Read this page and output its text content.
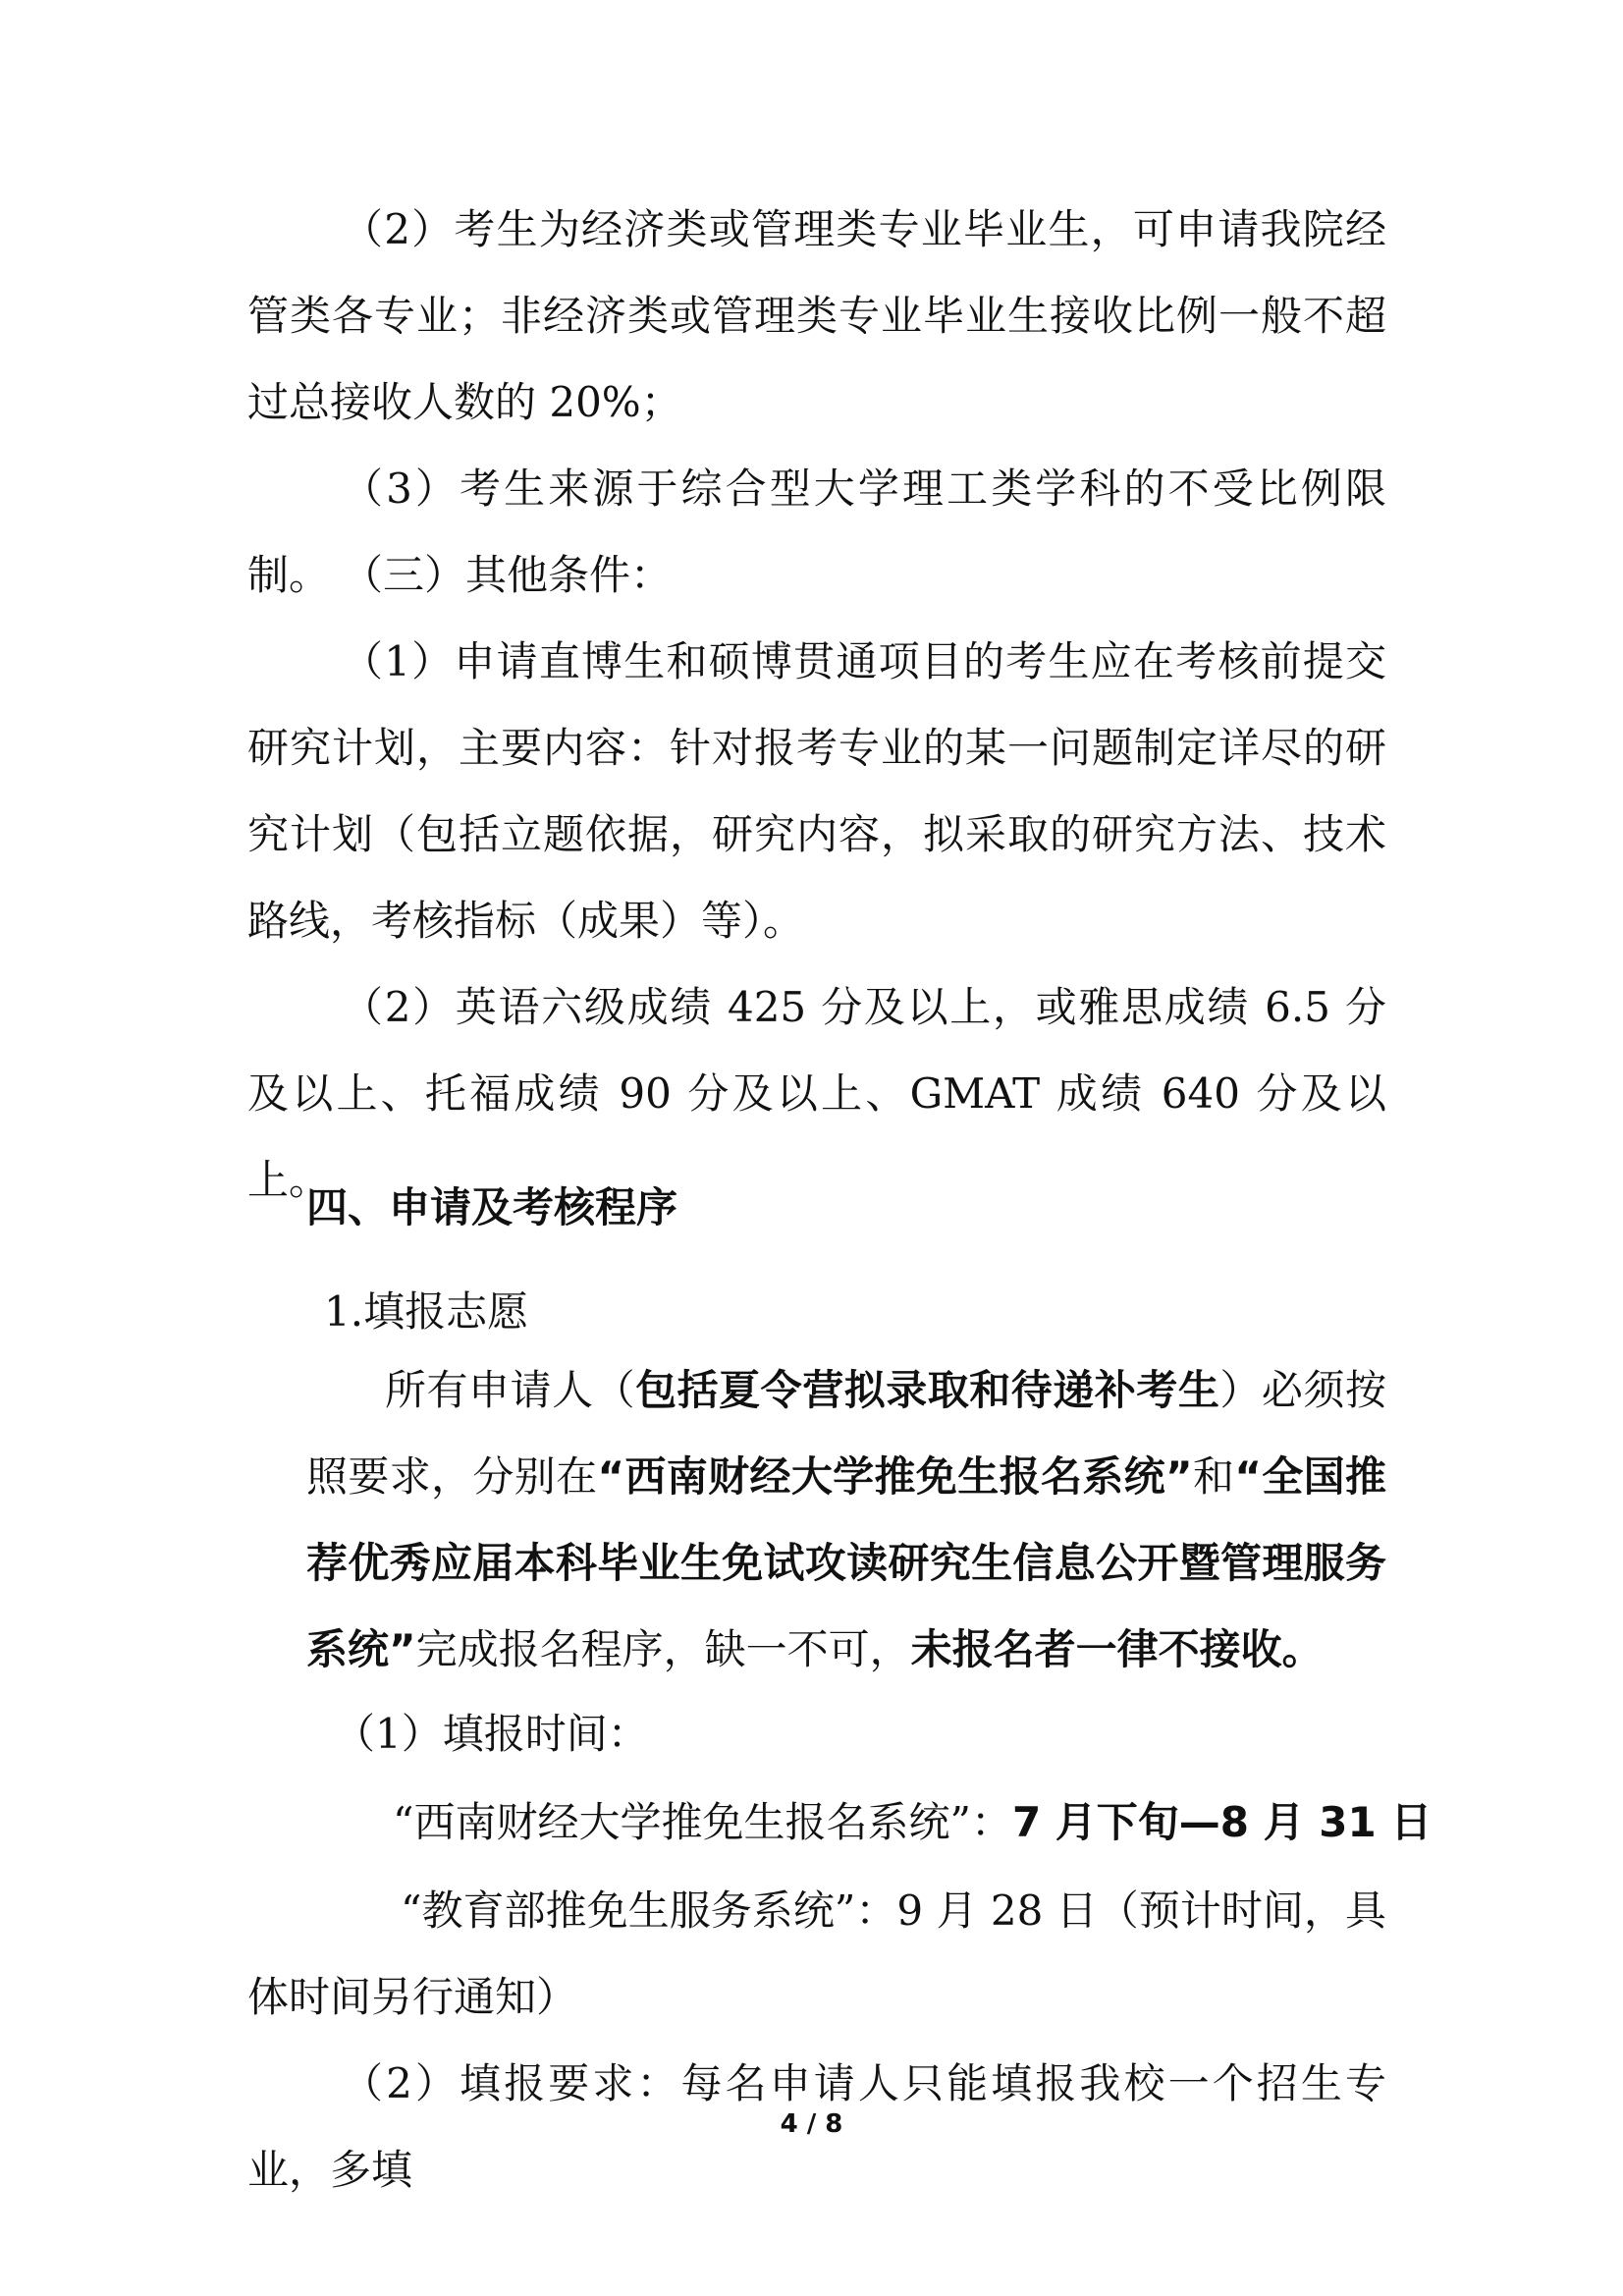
（2）考生为经济类或管理类专业毕业生，可申请我院经管类各专业；非经济类或管理类专业毕业生接收比例一般不超过总接收人数的 20%；

（3）考生来源于综合型大学理工类学科的不受比例限制。 （三）其他条件：

（1）申请直博生和硕博贯通项目的考生应在考核前提交研究计划，主要内容：针对报考专业的某一问题制定详尽的研究计划（包括立题依据，研究内容，拟采取的研究方法、技术路线，考核指标（成果）等）。

（2）英语六级成绩 425 分及以上，或雅思成绩 6.5 分及以上、托福成绩 90 分及以上、GMAT 成绩 640 分及以上。

四、申请及考核程序

1.填报志愿

所有申请人（包括夏令营拟录取和待递补考生）必须按照要求，分别在“西南财经大学推免生报名系统”和“全国推荐优秀应届本科毕业生免试攻读研究生信息公开暨管理服务系统”完成报名程序，缺一不可，未报名者一律不接收。

（1）填报时间：

“西南财经大学推免生报名系统”：7 月下旬—8 月 31 日

“教育部推免生服务系统”：9 月 28 日（预计时间，具体时间另行通知）

（2）填报要求：每名申请人只能填报我校一个招生专业，多填

4 / 8
